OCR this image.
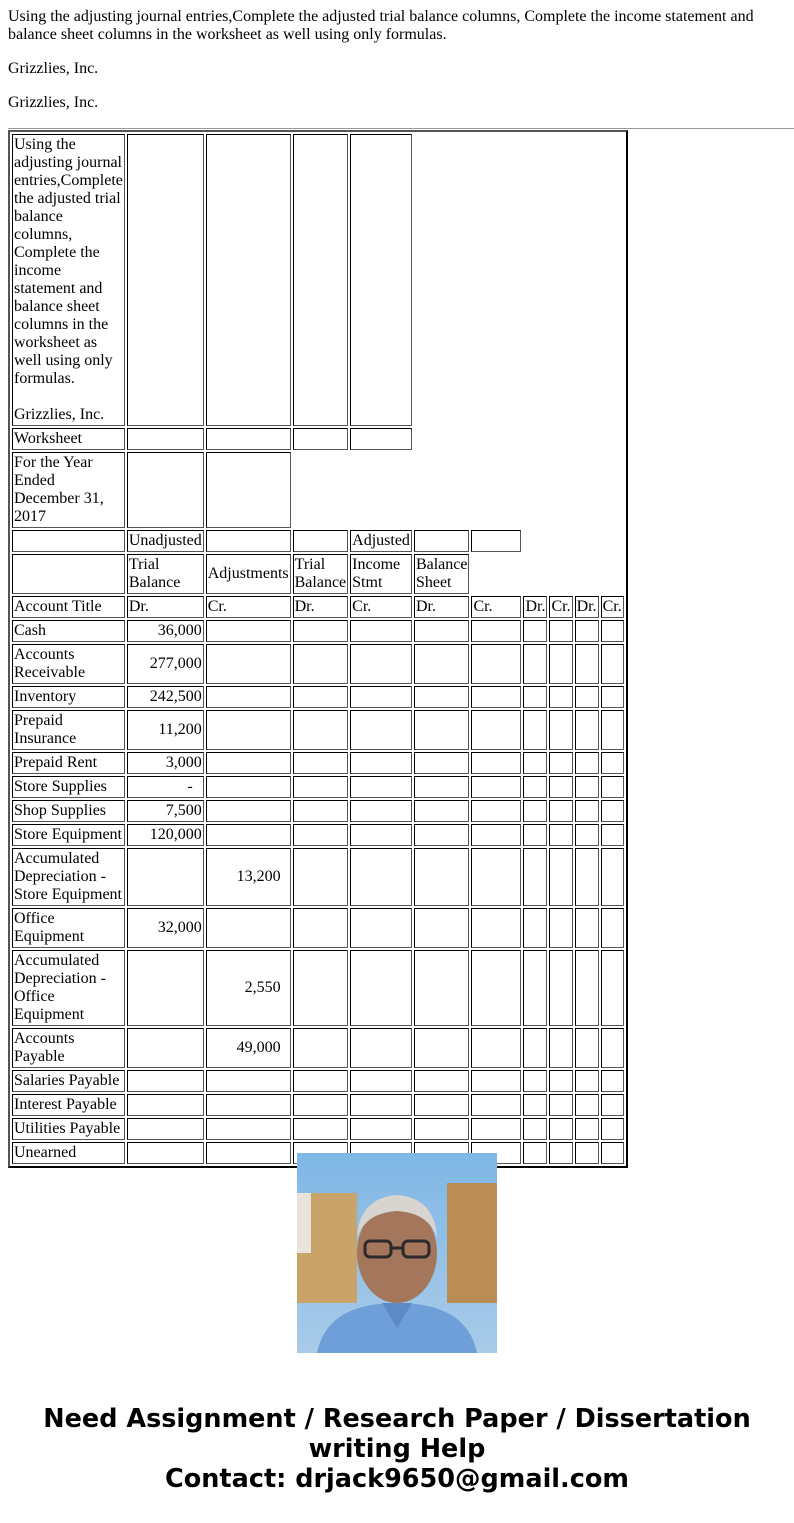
Using the adjusting journal entries,Complete the adjusted trial balance columns, Complete the income statement and balance sheet columns in the worksheet as well using only formulas.
Grizzlies, Inc.
Grizzlies, Inc.
Using the adjusting journal entries,Complete the adjusted trial balance columns, Complete the income statement and balance sheet columns in the worksheet as well using only formulas.
Grizzlies, Inc.										

Worksheet										
For the Year Ended December 31, 2017										
	Unadjusted			Adjusted						
	Trial Balance	Adjustments	Trial Balance	Income Stmt	Balance Sheet					
Account Title	Dr.	Cr.	Dr.	Cr.	Dr.	Cr.	Dr.	Cr.	Dr.	Cr.
Cash	36,000									
Accounts Receivable	277,000									
Inventory	242,500									
Prepaid Insurance	11,200									
Prepaid Rent	3,000									
Store Supplies	-									
Shop Supplies	7,500									
Store Equipment	120,000									
Accumulated Depreciation - Store Equipment		13,200								
Office Equipment	32,000									
Accumulated Depreciation - Office Equipment		2,550								
Accounts Payable		49,000								
Salaries Payable										
Interest Payable										
Utilities Payable										
Unearned										
Need Assignment / Research Paper / Dissertation
writing Help
Contact: drjack9650@gmail.com
